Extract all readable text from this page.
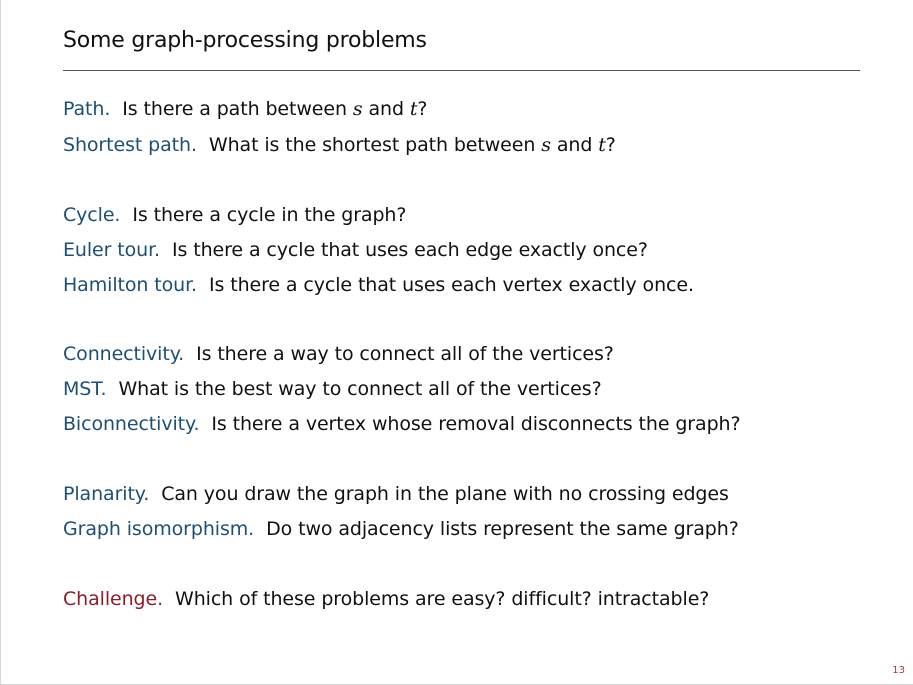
Some graph-processing problems
Path. Is there a path between s and t?
Shortest path. What is the shortest path between s and t?
Cycle. Is there a cycle in the graph?
Euler tour. Is there a cycle that uses each edge exactly once?
Hamilton tour. Is there a cycle that uses each vertex exactly once.
Connectivity. Is there a way to connect all of the vertices?
MST. What is the best way to connect all of the vertices?
Biconnectivity. Is there a vertex whose removal disconnects the graph?
Planarity. Can you draw the graph in the plane with no crossing edges
Graph isomorphism. Do two adjacency lists represent the same graph?
Challenge. Which of these problems are easy? difficult? intractable?
13
